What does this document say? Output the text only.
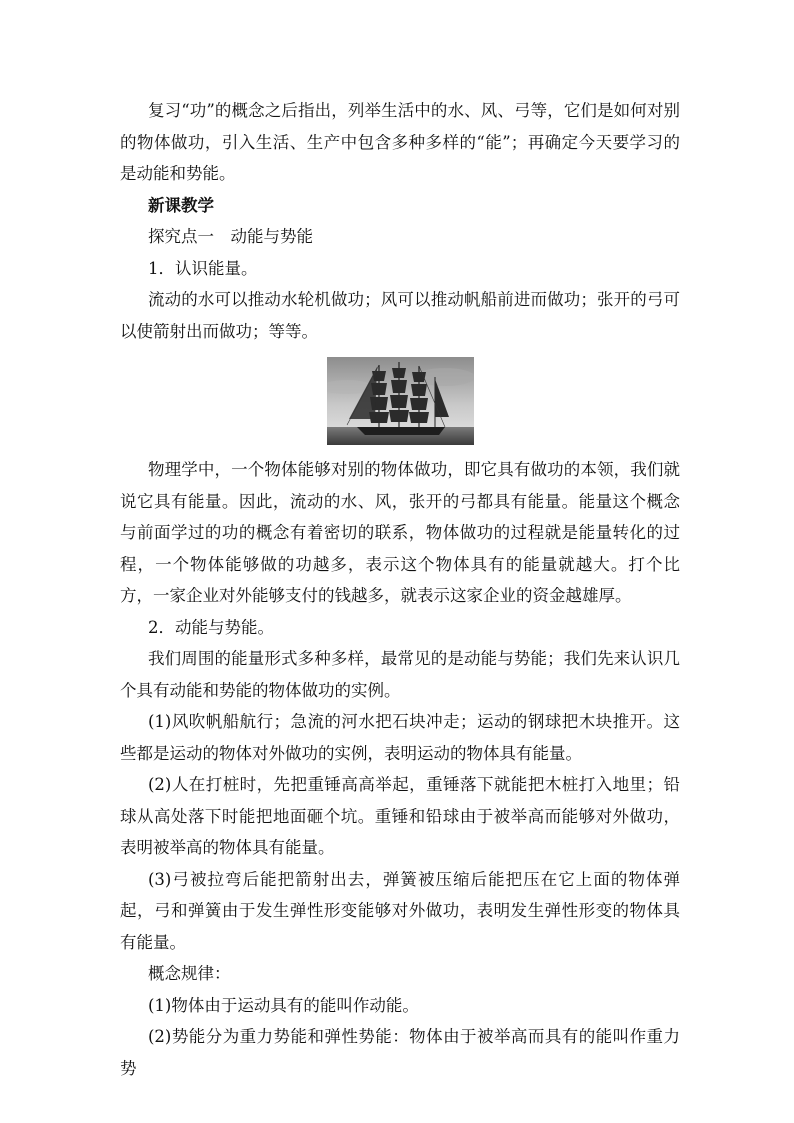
复习“功”的概念之后指出，列举生活中的水、风、弓等，它们是如何对别的物体做功，引入生活、生产中包含多种多样的“能”；再确定今天要学习的是动能和势能。

新课教学

探究点一　动能与势能

1．认识能量。

流动的水可以推动水轮机做功；风可以推动帆船前进而做功；张开的弓可以使箭射出而做功；等等。

物理学中，一个物体能够对别的物体做功，即它具有做功的本领，我们就说它具有能量。因此，流动的水、风，张开的弓都具有能量。能量这个概念与前面学过的功的概念有着密切的联系，物体做功的过程就是能量转化的过程，一个物体能够做的功越多，表示这个物体具有的能量就越大。打个比方，一家企业对外能够支付的钱越多，就表示这家企业的资金越雄厚。

2．动能与势能。

我们周围的能量形式多种多样，最常见的是动能与势能；我们先来认识几个具有动能和势能的物体做功的实例。

(1)风吹帆船航行；急流的河水把石块冲走；运动的钢球把木块推开。这些都是运动的物体对外做功的实例，表明运动的物体具有能量。

(2)人在打桩时，先把重锤高高举起，重锤落下就能把木桩打入地里；铅球从高处落下时能把地面砸个坑。重锤和铅球由于被举高而能够对外做功，表明被举高的物体具有能量。

(3)弓被拉弯后能把箭射出去，弹簧被压缩后能把压在它上面的物体弹起，弓和弹簧由于发生弹性形变能够对外做功，表明发生弹性形变的物体具有能量。

概念规律：

(1)物体由于运动具有的能叫作动能。

(2)势能分为重力势能和弹性势能：物体由于被举高而具有的能叫作重力势
